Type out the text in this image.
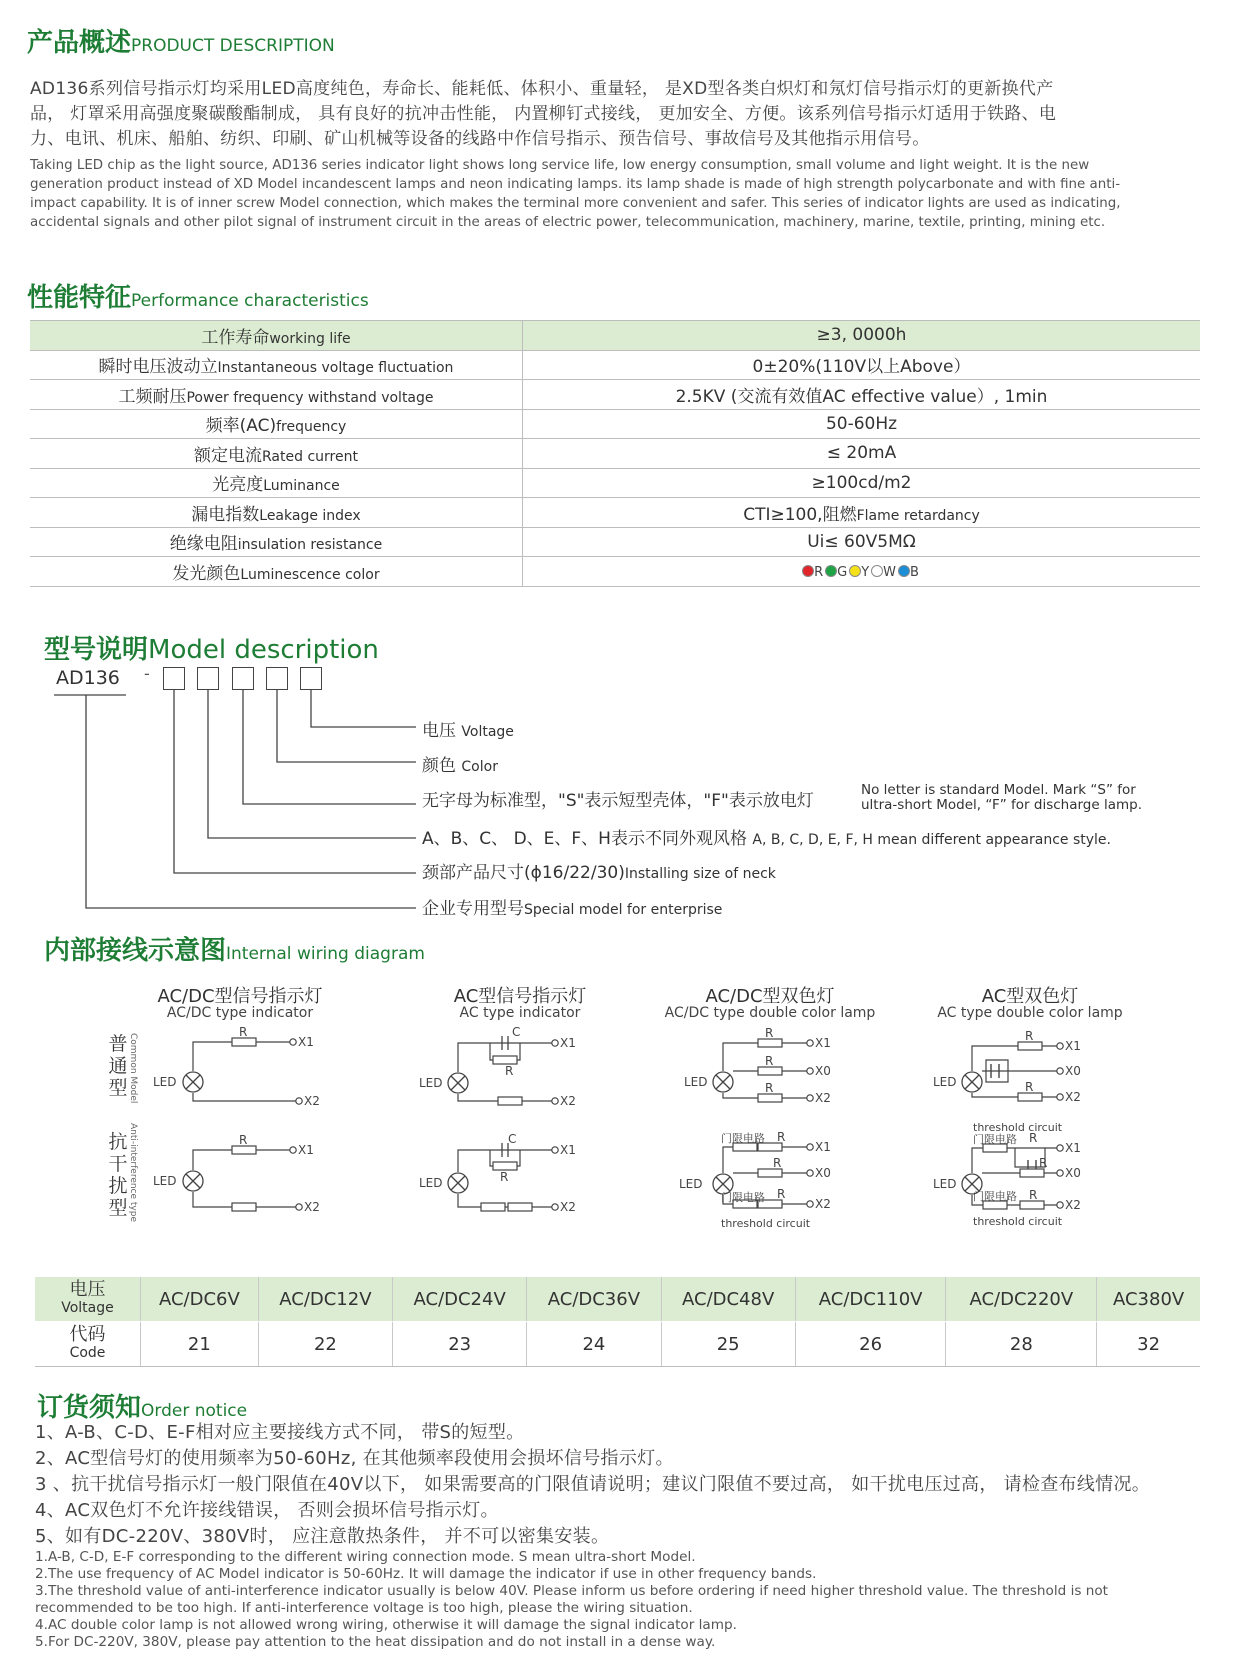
产品概述PRODUCT DESCRIPTION
AD136系列信号指示灯均采用LED高度纯色，寿命长、能耗低、体积小、重量轻， 是XD型各类白炽灯和氖灯信号指示灯的更新换代产
品， 灯罩采用高强度聚碳酸酯制成， 具有良好的抗冲击性能， 内置柳钉式接线， 更加安全、方便。该系列信号指示灯适用于铁路、电
力、电讯、机床、船舶、纺织、印刷、矿山机械等设备的线路中作信号指示、预告信号、事故信号及其他指示用信号。
Taking LED chip as the light source, AD136 series indicator light shows long service life, low energy consumption, small volume and light weight. It is the new
generation product instead of XD Model incandescent lamps and neon indicating lamps. its lamp shade is made of high strength polycarbonate and with fine anti-
impact capability. It is of inner screw Model connection, which makes the terminal more convenient and safer. This series of indicator lights are used as indicating,
accidental signals and other pilot signal of instrument circuit in the areas of electric power, telecommunication, machinery, marine, textile, printing, mining etc.
性能特征Performance characteristics
工作寿命working life	≥3, 0000h
瞬时电压波动立Instantaneous voltage fluctuation	0±20%(110V以上Above）
工频耐压Power frequency withstand voltage	2.5KV (交流有效值AC effective value）, 1min
频率(AC)frequency	50-60Hz
额定电流Rated current	≤ 20mA
光亮度Luminance	≥100cd/m2
漏电指数Leakage index	CTI≥100,阻燃Flame retardancy
绝缘电阻insulation resistance	Ui≤ 60V5MΩ
发光颜色Luminescence color	R G Y W B
型号说明Model description
AD136 -
电压 Voltage
颜色 Color
无字母为标准型，"S"表示短型壳体，"F"表示放电灯
No letter is standard Model. Mark “S” for
ultra-short Model, “F” for discharge lamp.
A、B、C、 D、E、F、H表示不同外观风格 A, B, C, D, E, F, H mean different appearance style.
颈部产品尺寸(ϕ16/22/30)Installing size of neck
企业专用型号Special model for enterprise
内部接线示意图Internal wiring diagram
AC/DC型信号指示灯
AC/DC type indicator
AC型信号指示灯
AC type indicator
AC/DC型双色灯
AC/DC type double color lamp
AC型双色灯
AC type double color lamp
普
通
型 Common Model
抗
干
扰
型 Anti-interference type
LED
LED
LED
LED
LED
LED
LED
LED
R
R
C
R
C
R
R
R
R
R
R
R
R
R
R
R
R
X1
X2
X1
X2
X1
X2
X1
X2
X1
X0
X2
X1
X0
X2
X1
X0
X2
X1
X0
X2
门限电路
门限电路
threshold circuit
threshold circuit
门限电路
门限电路
threshold circuit
电压
Voltage	AC/DC6V	AC/DC12V	AC/DC24V	AC/DC36V	AC/DC48V	AC/DC110V	AC/DC220V	AC380V
代码
Code	21	22	23	24	25	26	28	32
订货须知Order notice
1、A-B、C-D、E-F相对应主要接线方式不同， 带S的短型。
2、AC型信号灯的使用频率为50-60Hz, 在其他频率段使用会损坏信号指示灯。
3 、抗干扰信号指示灯一般门限值在40V以下， 如果需要高的门限值请说明；建议门限值不要过高， 如干扰电压过高， 请检查布线情况。
4、AC双色灯不允许接线错误， 否则会损坏信号指示灯。
5、如有DC-220V、380V时， 应注意散热条件， 并不可以密集安装。
1.A-B, C-D, E-F corresponding to the different wiring connection mode. S mean ultra-short Model.
2.The use frequency of AC Model indicator is 50-60Hz. It will damage the indicator if use in other frequency bands.
3.The threshold value of anti-interference indicator usually is below 40V. Please inform us before ordering if need higher threshold value. The threshold is not
recommended to be too high. If anti-interference voltage is too high, please the wiring situation.
4.AC double color lamp is not allowed wrong wiring, otherwise it will damage the signal indicator lamp.
5.For DC-220V, 380V, please pay attention to the heat dissipation and do not install in a dense way.
